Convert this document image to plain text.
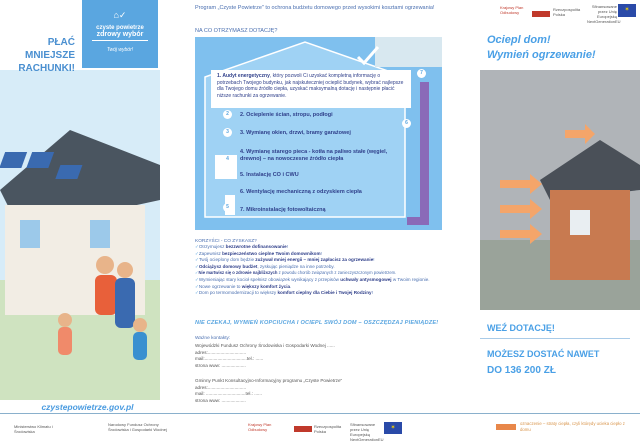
PŁAĆ MNIEJSZE
RACHUNKI!
⌂✓
czyste powietrze
zdrowy wybór
Twój wybór!
czystepowietrze.gov.pl
Ministerstwo Klimatu i Środowiska
Narodowy Fundusz Ochrony Środowiska i Gospodarki Wodnej
Program „Czyste Powietrze" to ochrona budżetu domowego przed wysokimi kosztami ogrzewania!
NA CO OTRZYMASZ DOTACJĘ?
1. Audyt energetyczny, który pozwoli Ci uzyskać kompletną informację o potrzebach Twojego budynku, jak najskuteczniej ocieplić budynek, wybrać najlepsze dla Twojego domu źródło ciepła, uzyskać maksymalną dotację i następnie płacić niższe rachunki za ogrzewanie.
7
2
3
4
5
6
2. Ocieplenie ścian, stropu, podłogi
3. Wymianę okien, drzwi, bramy garażowej
4. Wymianę starego pieca - kotła na paliwo stałe (węgiel, drewno) – na nowoczesne źródło ciepła
5. Instalację CO i CWU
6. Wentylację mechaniczną z odzyskiem ciepła
7. Mikroinstalację fotowoltaiczną
KORZYŚCI - CO ZYSKASZ?
✓Otrzymujesz bezzwrotne dofinansowanie!
✓Zapewnisz bezpieczeństwo cieplne Twoim domownikom!
✓Twój ocieplony dom będzie zużywał mniej energii – mniej zapłacisz za ogrzewanie!
✓Odciążysz domowy budżet, zyskując pieniądze na inne potrzeby.
✓Nie martwisz się o zdrowie najbliższych z powodu chorób związanych z zanieczyszczonym powietrzem.
✓Wymieniając stary kocioł spełnisz obowiązek wynikający z przepisów uchwały antysmogowej w Twoim regionie.
✓Nowe ogrzewanie to większy komfort życia.
✓Dom po termomodernizacji to większy komfort cieplny dla Ciebie i Twojej Rodziny!
NIE CZEKAJ, WYMIEŃ KOPCIUCHA I OCIEPL SWÓJ DOM – OSZCZĘDZAJ PIENIĄDZE!
Ważne kontakty:
Wojewódzki Fundusz Ochrony Środowiska i Gospodarki Wodnej ......
adres:..............................
mail:.................................tel.: ......
strona www: ...................
Gminny Punkt Konsultacyjno-Informacyjny programu „Czyste Powietrze"
adres:..............................
mail: ...............................tel.: ......
strona www: ...................
Krajowy Plan Odbudowy
Rzeczpospolita Polska
Sfinansowane przez Unię Europejską NextGenerationEU
✶
Krajowy Plan Odbudowy
Rzeczpospolita Polska
Sfinansowane przez Unię Europejską NextGenerationEU
✶
Ociepl dom!
Wymień ogrzewanie!
WEŹ DOTACJĘ!
MOŻESZ DOSTAĆ NAWET
DO 136 200 ZŁ
oznaczenie – straty ciepła, czyli którędy ucieka ciepło z domu
